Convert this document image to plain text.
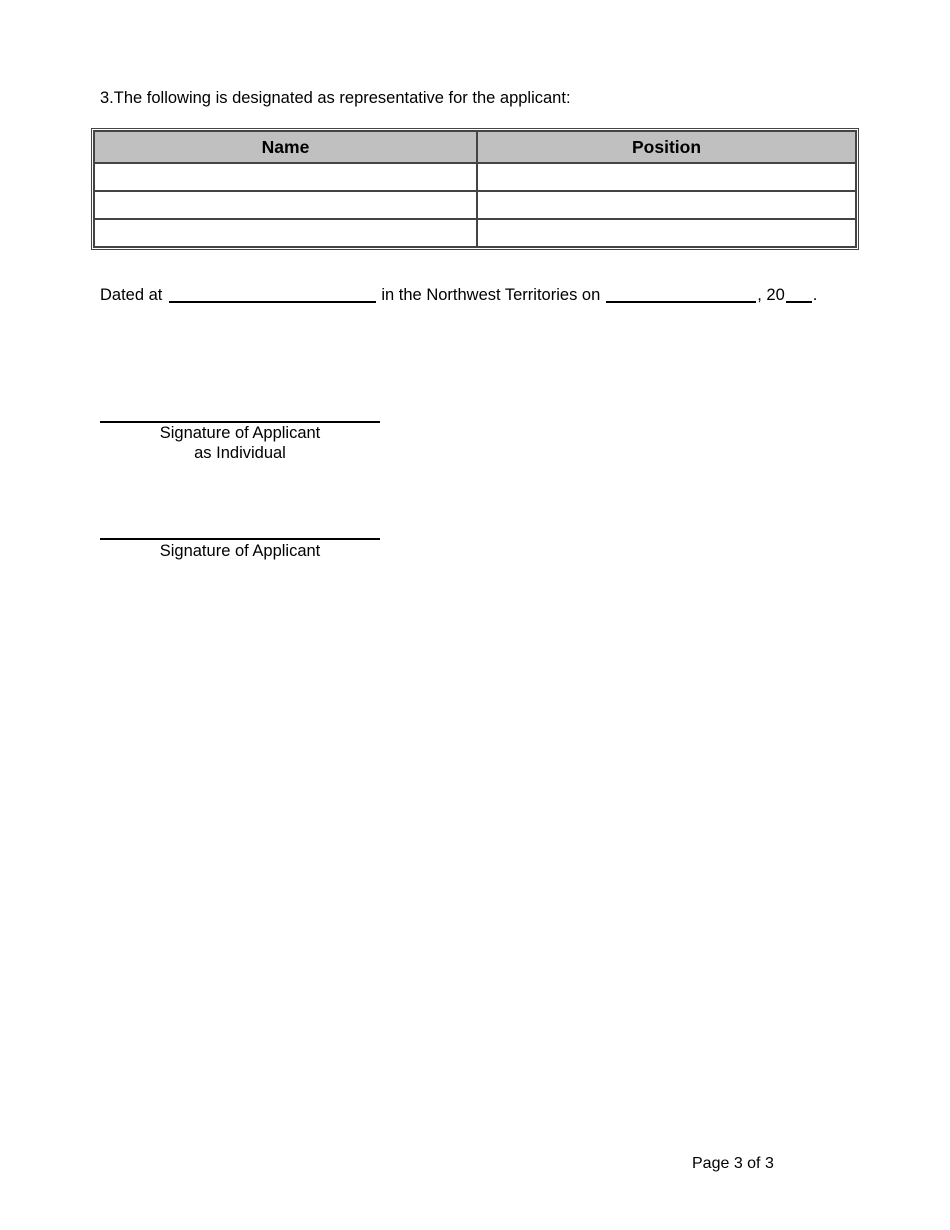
3.The following is designated as representative for the applicant:
Name	Position

Dated at	in the Northwest Territories on	, 20 .
Signature of Applicant
as Individual
Signature of Applicant
Page 3 of 3
